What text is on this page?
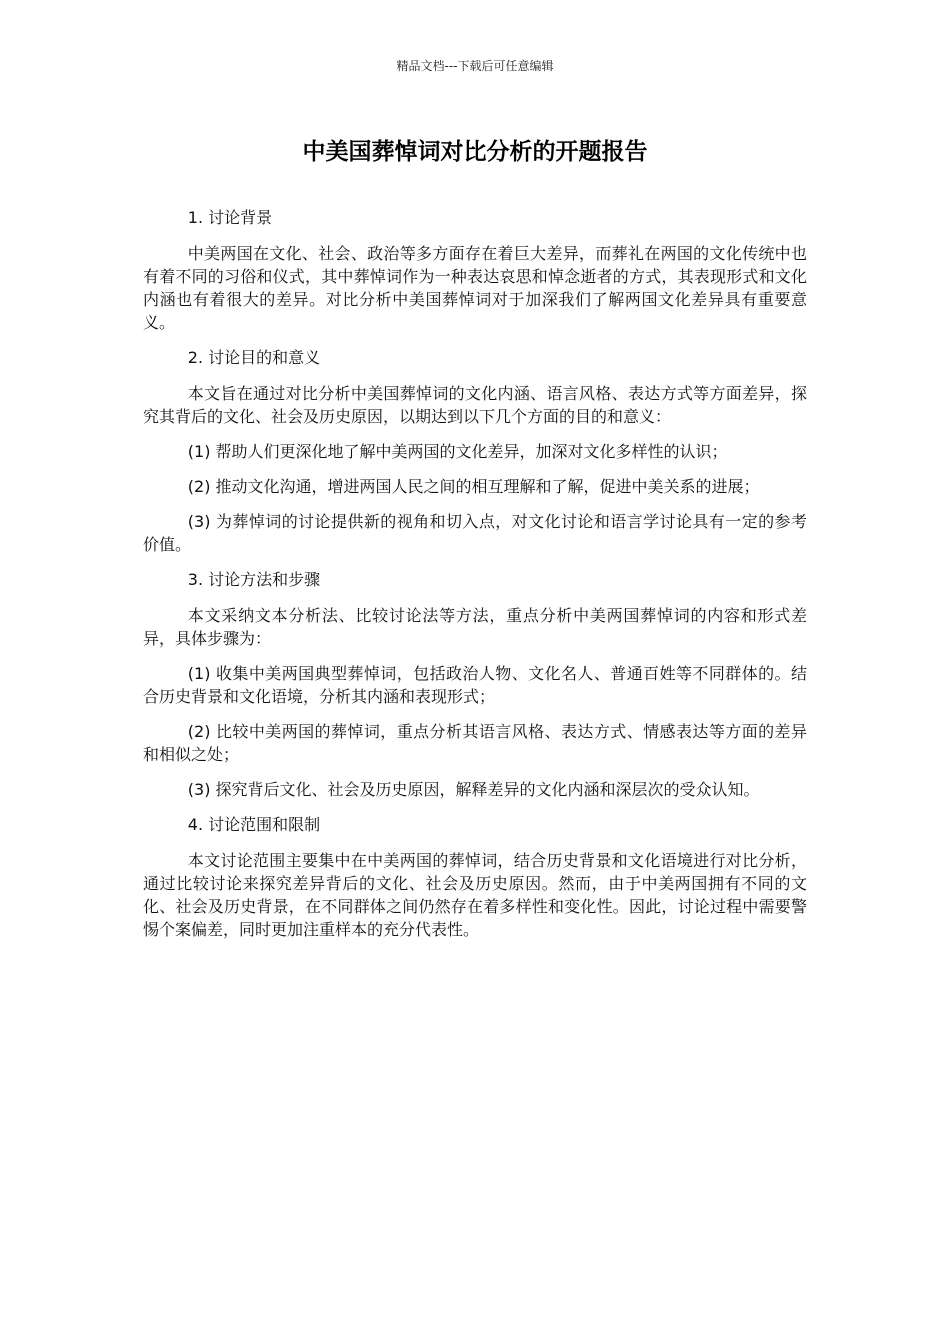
精品文档---下载后可任意编辑
中美国葬悼词对比分析的开题报告

1. 讨论背景

中美两国在文化、社会、政治等多方面存在着巨大差异，而葬礼在两国的文化传统中也有着不同的习俗和仪式，其中葬悼词作为一种表达哀思和悼念逝者的方式，其表现形式和文化内涵也有着很大的差异。对比分析中美国葬悼词对于加深我们了解两国文化差异具有重要意义。

2. 讨论目的和意义

本文旨在通过对比分析中美国葬悼词的文化内涵、语言风格、表达方式等方面差异，探究其背后的文化、社会及历史原因，以期达到以下几个方面的目的和意义：

(1) 帮助人们更深化地了解中美两国的文化差异，加深对文化多样性的认识；

(2) 推动文化沟通，增进两国人民之间的相互理解和了解，促进中美关系的进展；

(3) 为葬悼词的讨论提供新的视角和切入点，对文化讨论和语言学讨论具有一定的参考价值。

3. 讨论方法和步骤

本文采纳文本分析法、比较讨论法等方法，重点分析中美两国葬悼词的内容和形式差异，具体步骤为：

(1) 收集中美两国典型葬悼词，包括政治人物、文化名人、普通百姓等不同群体的。结合历史背景和文化语境，分析其内涵和表现形式；

(2) 比较中美两国的葬悼词，重点分析其语言风格、表达方式、情感表达等方面的差异和相似之处；

(3) 探究背后文化、社会及历史原因，解释差异的文化内涵和深层次的受众认知。

4. 讨论范围和限制

本文讨论范围主要集中在中美两国的葬悼词，结合历史背景和文化语境进行对比分析，通过比较讨论来探究差异背后的文化、社会及历史原因。然而，由于中美两国拥有不同的文化、社会及历史背景，在不同群体之间仍然存在着多样性和变化性。因此，讨论过程中需要警惕个案偏差，同时更加注重样本的充分代表性。
